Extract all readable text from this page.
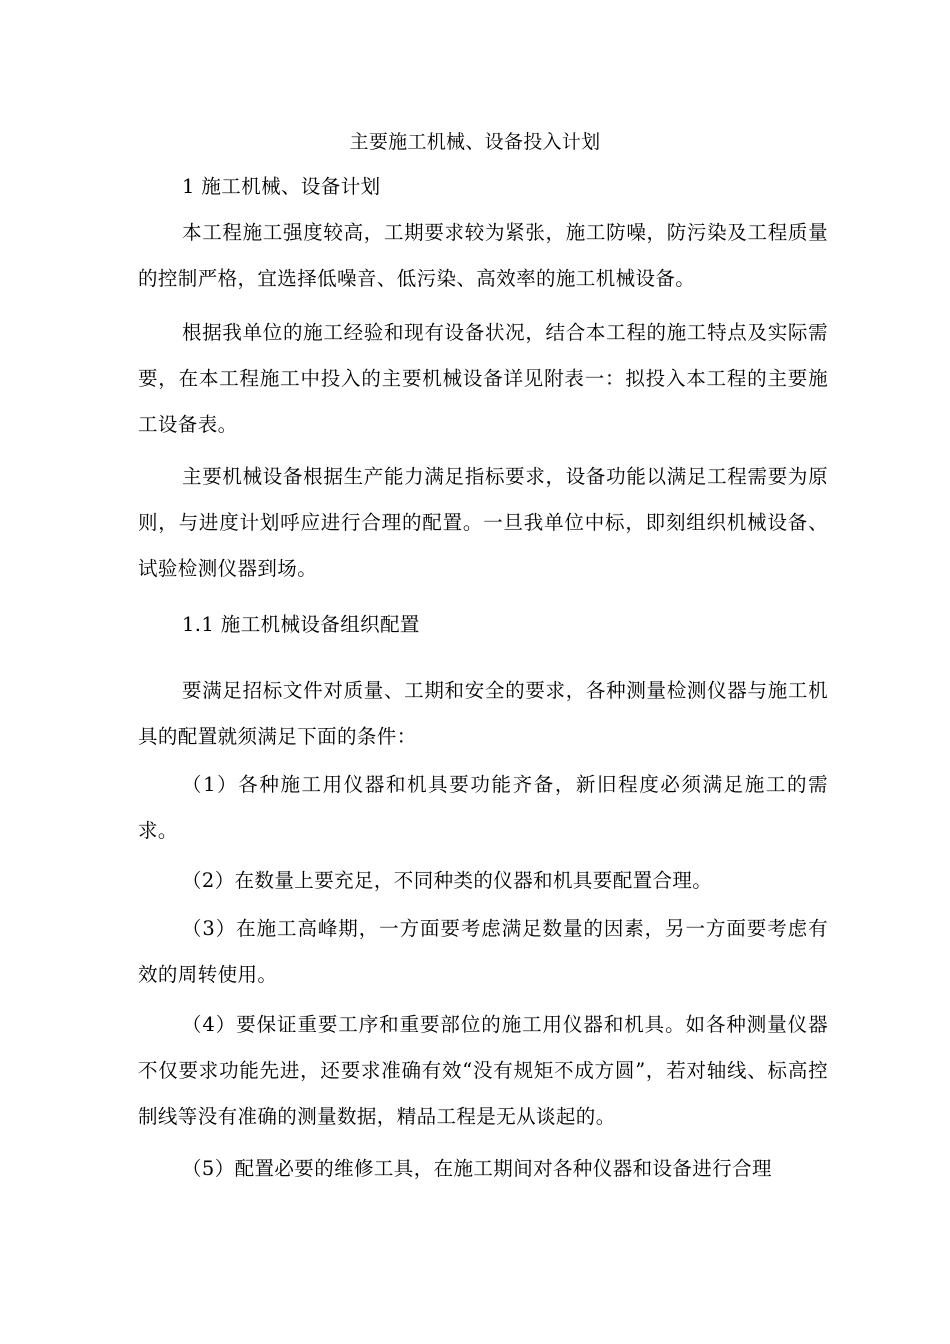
主要施工机械、设备投入计划
1 施工机械、设备计划
本工程施工强度较高，工期要求较为紧张，施工防噪，防污染及工程质量的控制严格，宜选择低噪音、低污染、高效率的施工机械设备。
根据我单位的施工经验和现有设备状况，结合本工程的施工特点及实际需要，在本工程施工中投入的主要机械设备详见附表一：拟投入本工程的主要施工设备表。
主要机械设备根据生产能力满足指标要求，设备功能以满足工程需要为原则，与进度计划呼应进行合理的配置。一旦我单位中标，即刻组织机械设备、试验检测仪器到场。
1.1 施工机械设备组织配置
要满足招标文件对质量、工期和安全的要求，各种测量检测仪器与施工机具的配置就须满足下面的条件：
（1）各种施工用仪器和机具要功能齐备，新旧程度必须满足施工的需求。
（2）在数量上要充足，不同种类的仪器和机具要配置合理。
（3）在施工高峰期，一方面要考虑满足数量的因素，另一方面要考虑有效的周转使用。
（4）要保证重要工序和重要部位的施工用仪器和机具。如各种测量仪器不仅要求功能先进，还要求准确有效“没有规矩不成方圆”，若对轴线、标高控制线等没有准确的测量数据，精品工程是无从谈起的。
（5）配置必要的维修工具，在施工期间对各种仪器和设备进行合理
